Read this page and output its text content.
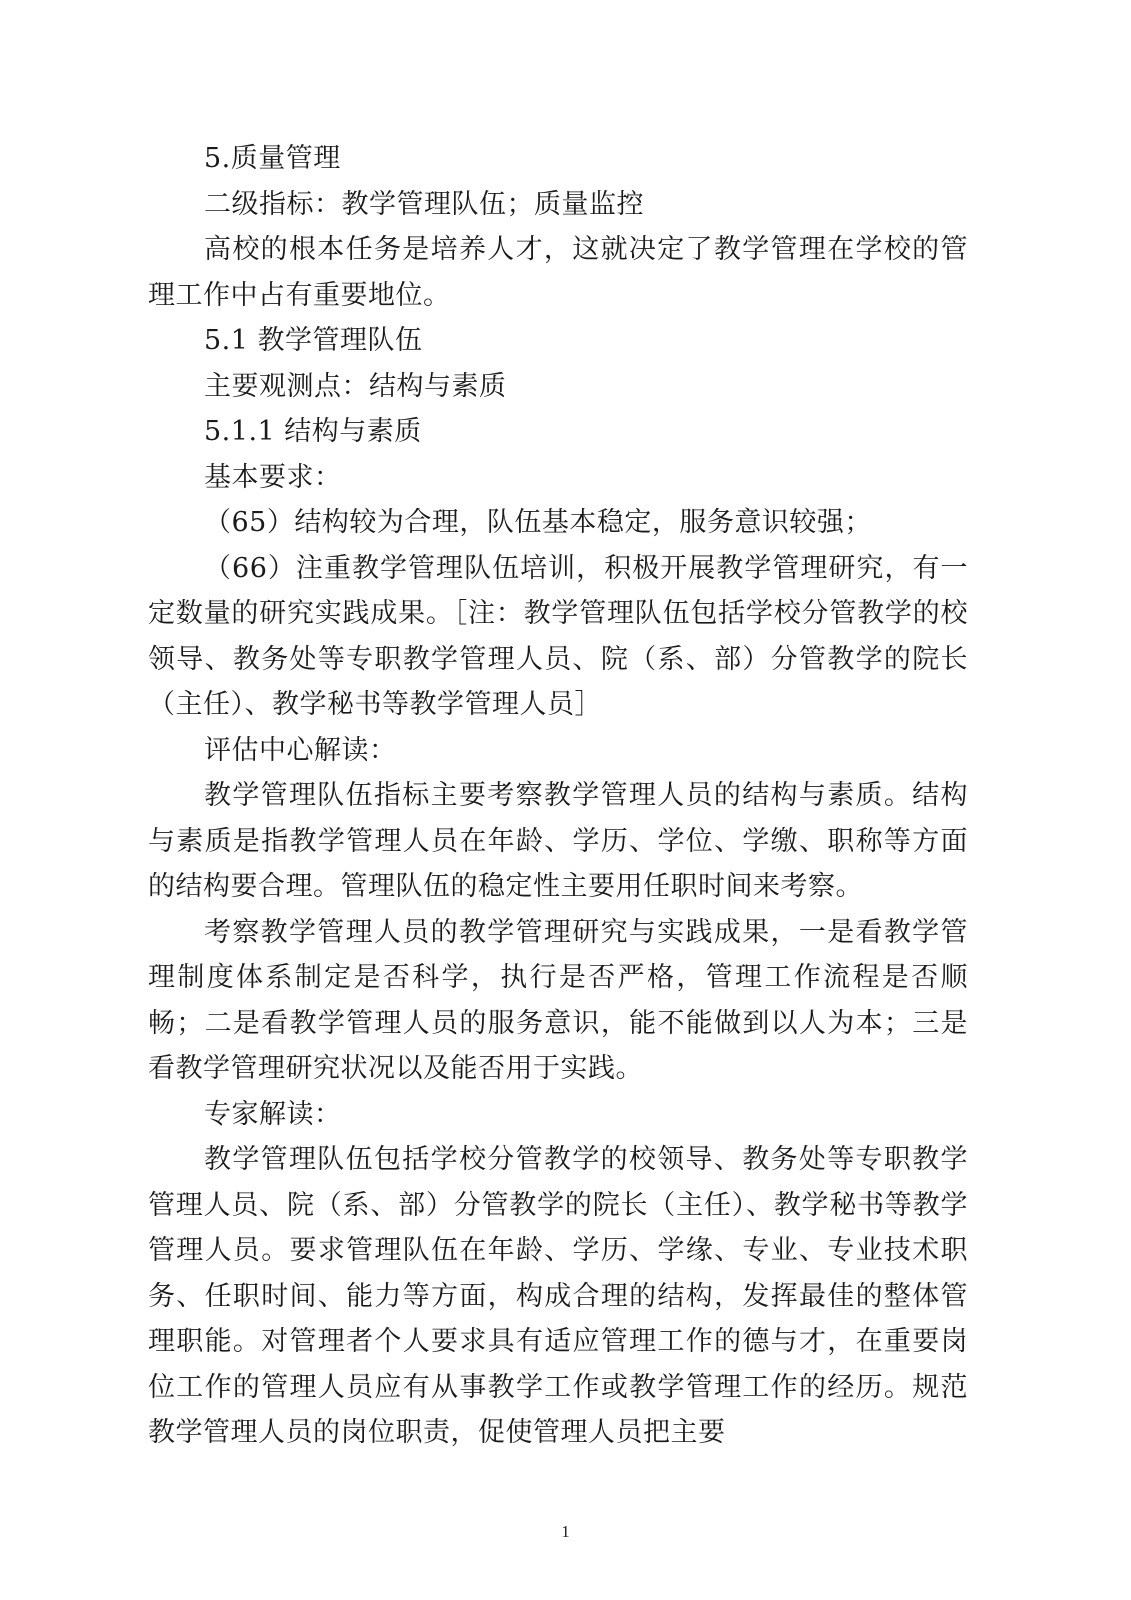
5.质量管理

二级指标：教学管理队伍；质量监控

高校的根本任务是培养人才，这就决定了教学管理在学校的管理工作中占有重要地位。

5.1 教学管理队伍

主要观测点：结构与素质

5.1.1 结构与素质

基本要求：

（65）结构较为合理，队伍基本稳定，服务意识较强；

（66）注重教学管理队伍培训，积极开展教学管理研究，有一定数量的研究实践成果。［注：教学管理队伍包括学校分管教学的校领导、教务处等专职教学管理人员、院（系、部）分管教学的院长（主任）、教学秘书等教学管理人员］

评估中心解读：

教学管理队伍指标主要考察教学管理人员的结构与素质。结构与素质是指教学管理人员在年龄、学历、学位、学缴、职称等方面的结构要合理。管理队伍的稳定性主要用任职时间来考察。

考察教学管理人员的教学管理研究与实践成果，一是看教学管理制度体系制定是否科学，执行是否严格，管理工作流程是否顺畅；二是看教学管理人员的服务意识，能不能做到以人为本；三是看教学管理研究状况以及能否用于实践。

专家解读：

教学管理队伍包括学校分管教学的校领导、教务处等专职教学管理人员、院（系、部）分管教学的院长（主任）、教学秘书等教学管理人员。要求管理队伍在年龄、学历、学缘、专业、专业技术职务、任职时间、能力等方面，构成合理的结构，发挥最佳的整体管理职能。对管理者个人要求具有适应管理工作的德与才，在重要岗位工作的管理人员应有从事教学工作或教学管理工作的经历。规范教学管理人员的岗位职责，促使管理人员把主要

1
